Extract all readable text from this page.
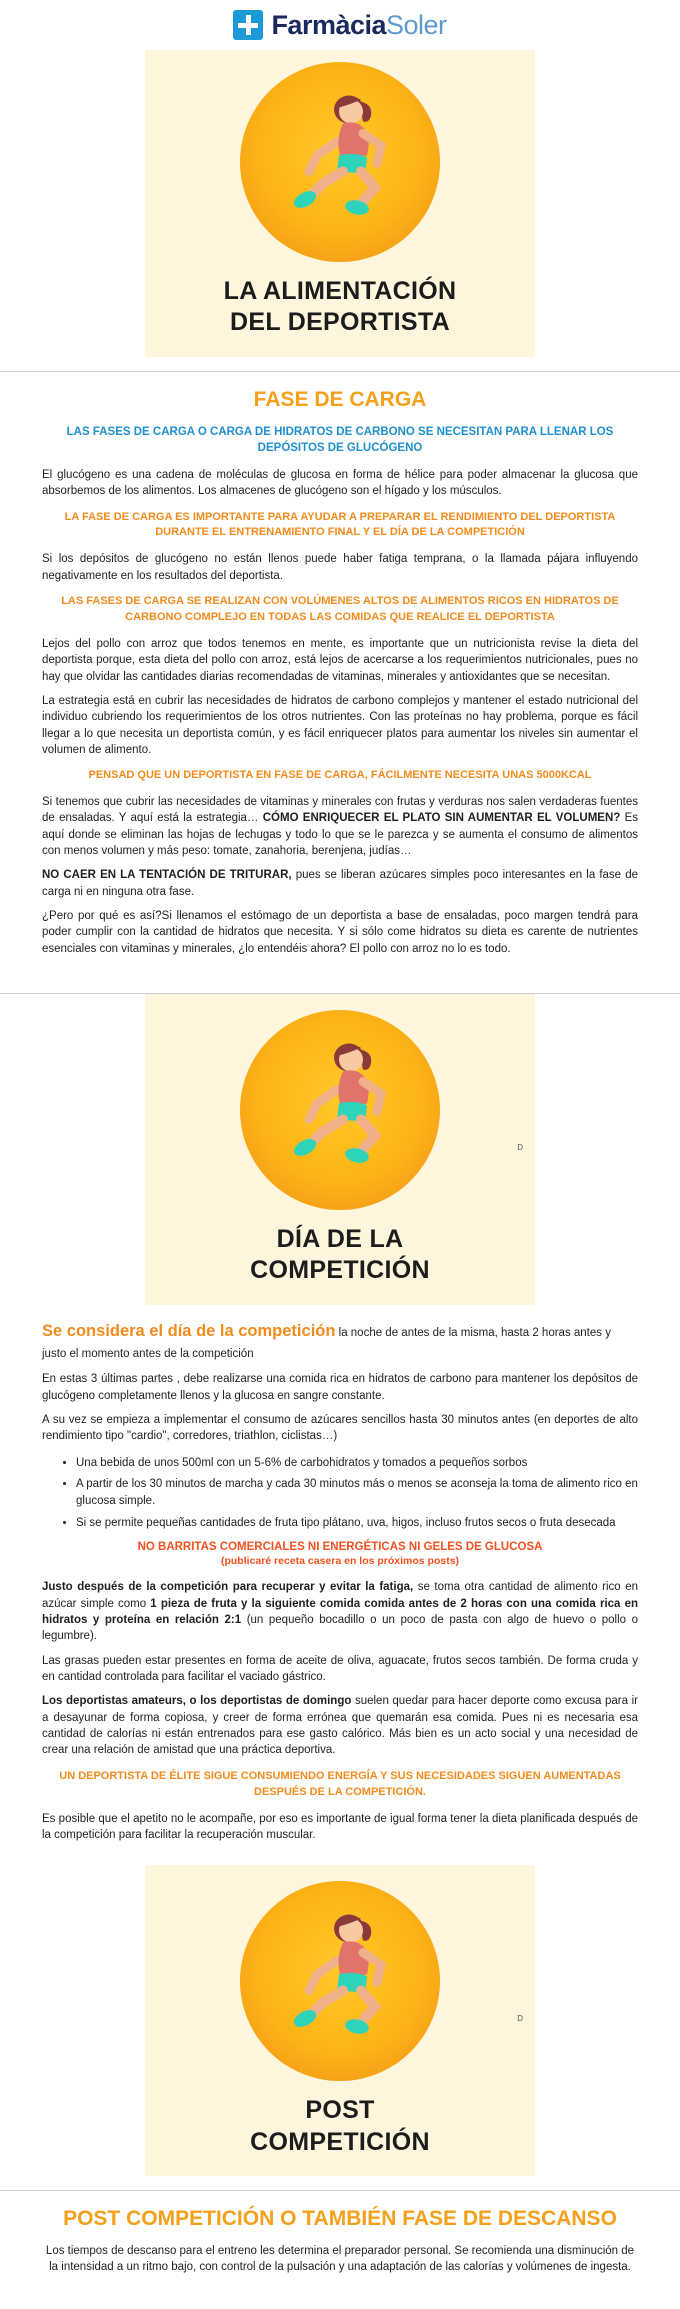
FarmàciaSoler
LA ALIMENTACIÓN
DEL DEPORTISTA
FASE DE CARGA

LAS FASES DE CARGA O CARGA DE HIDRATOS DE CARBONO SE NECESITAN PARA LLENAR LOS DEPÓSITOS DE GLUCÓGENO

El glucógeno es una cadena de moléculas de glucosa en forma de hélice para poder almacenar la glucosa que absorbemos de los alimentos. Los almacenes de glucógeno son el hígado y los músculos.

LA FASE DE CARGA ES IMPORTANTE PARA AYUDAR A PREPARAR EL RENDIMIENTO DEL DEPORTISTA DURANTE EL ENTRENAMIENTO FINAL Y EL DÍA DE LA COMPETICIÓN

Si los depósitos de glucógeno no están llenos puede haber fatiga temprana, o la llamada pájara influyendo negativamente en los resultados del deportista.

LAS FASES DE CARGA SE REALIZAN CON VOLÚMENES ALTOS DE ALIMENTOS RICOS EN HIDRATOS DE CARBONO COMPLEJO EN TODAS LAS COMIDAS QUE REALICE EL DEPORTISTA

Lejos del pollo con arroz que todos tenemos en mente, es importante que un nutricionista revise la dieta del deportista porque, esta dieta del pollo con arroz, está lejos de acercarse a los requerimientos nutricionales, pues no hay que olvidar las cantidades diarias recomendadas de vitaminas, minerales y antioxidantes que se necesitan.

La estrategia está en cubrir las necesidades de hidratos de carbono complejos y mantener el estado nutricional del individuo cubriendo los requerimientos de los otros nutrientes. Con las proteínas no hay problema, porque es fácil llegar a lo que necesita un deportista común, y es fácil enriquecer platos para aumentar los niveles sin aumentar el volumen de alimento.

PENSAD QUE UN DEPORTISTA EN FASE DE CARGA, FÁCILMENTE NECESITA UNAS 5000KCAL

Si tenemos que cubrir las necesidades de vitaminas y minerales con frutas y verduras nos salen verdaderas fuentes de ensaladas. Y aquí está la estrategia… CÓMO ENRIQUECER EL PLATO SIN AUMENTAR EL VOLUMEN? Es aquí donde se eliminan las hojas de lechugas y todo lo que se le parezca y se aumenta el consumo de alimentos con menos volumen y más peso: tomate, zanahoria, berenjena, judías…

NO CAER EN LA TENTACIÓN DE TRITURAR, pues se liberan azúcares simples poco interesantes en la fase de carga ni en ninguna otra fase.

¿Pero por qué es así?Si llenamos el estómago de un deportista a base de ensaladas, poco margen tendrá para poder cumplir con la cantidad de hidratos que necesita. Y si sólo come hidratos su dieta es carente de nutrientes esenciales con vitaminas y minerales, ¿lo entendéis ahora? El pollo con arroz no lo es todo.

D
DÍA DE LA
COMPETICIÓN
Se considera el día de la competición la noche de antes de la misma, hasta 2 horas antes y justo el momento antes de la competición

En estas 3 últimas partes , debe realizarse una comida rica en hidratos de carbono para mantener los depósitos de glucógeno completamente llenos y la glucosa en sangre constante.

A su vez se empieza a implementar el consumo de azúcares sencillos hasta 30 minutos antes (en deportes de alto rendimiento tipo "cardio", corredores, triathlon, ciclistas…)

• Una bebida de unos 500ml con un 5-6% de carbohidratos y tomados a pequeños sorbos
• A partir de los 30 minutos de marcha y cada 30 minutos más o menos se aconseja la toma de alimento rico en glucosa simple.
• Si se permite pequeñas cantidades de fruta tipo plátano, uva, higos, incluso frutos secos o fruta desecada

NO BARRITAS COMERCIALES NI ENERGÉTICAS NI GELES DE GLUCOSA

(publicaré receta casera en los próximos posts)

Justo después de la competición para recuperar y evitar la fatiga, se toma otra cantidad de alimento rico en azúcar simple como 1 pieza de fruta y la siguiente comida comida antes de 2 horas con una comida rica en hidratos y proteína en relación 2:1 (un pequeño bocadillo o un poco de pasta con algo de huevo o pollo o legumbre).

Las grasas pueden estar presentes en forma de aceite de oliva, aguacate, frutos secos también. De forma cruda y en cantidad controlada para facilitar el vaciado gástrico.

Los deportistas amateurs, o los deportistas de domingo suelen quedar para hacer deporte como excusa para ir a desayunar de forma copiosa, y creer de forma errónea que quemarán esa comida. Pues ni es necesaria esa cantidad de calorías ni están entrenados para ese gasto calórico. Más bien es un acto social y una necesidad de crear una relación de amistad que una práctica deportiva.

UN DEPORTISTA DE ÉLITE SIGUE CONSUMIENDO ENERGÍA Y SUS NECESIDADES SIGUEN AUMENTADAS DESPUÉS DE LA COMPETICIÓN.

Es posible que el apetito no le acompañe, por eso es importante de igual forma tener la dieta planificada después de la competición para facilitar la recuperación muscular.

D
POST
COMPETICIÓN
POST COMPETICIÓN O TAMBIÉN FASE DE DESCANSO

Los tiempos de descanso para el entreno les determina el preparador personal. Se recomienda una disminución de la intensidad a un ritmo bajo, con control de la pulsación y una adaptación de las calorías y volúmenes de ingesta.
